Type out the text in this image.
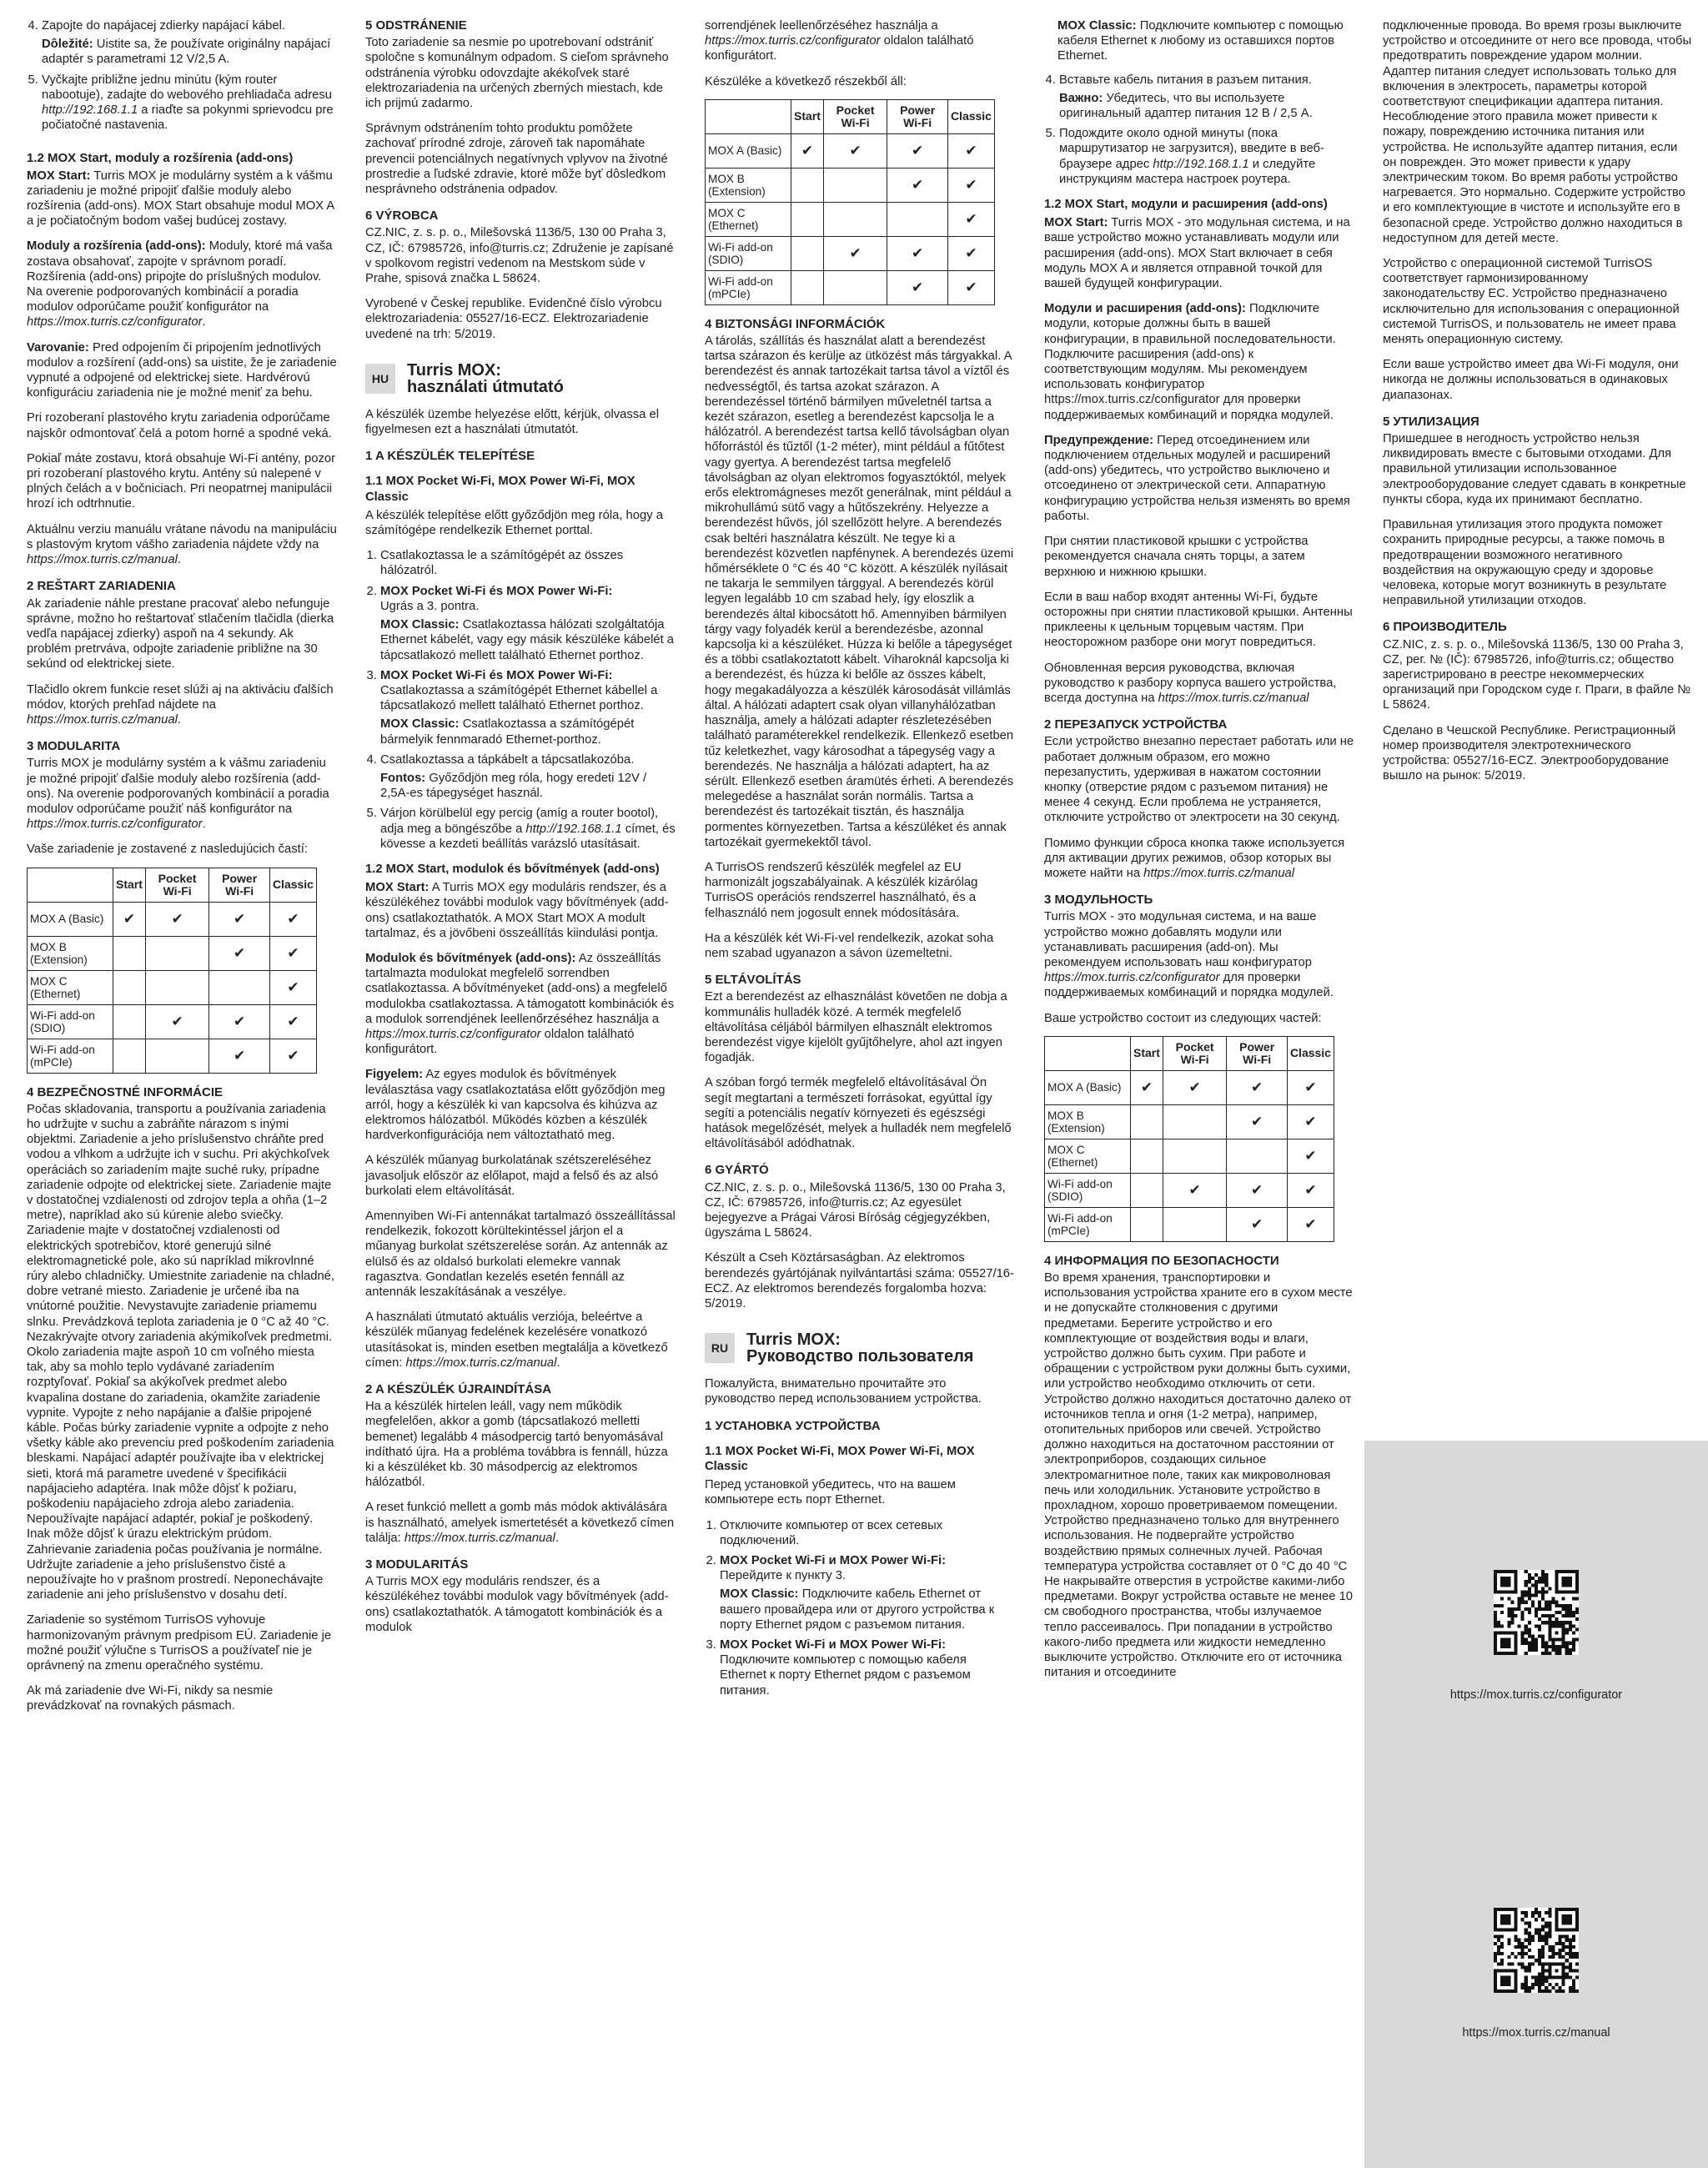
4. Zapojte do napájacej zdierky napájací kábel.
Dôležité: Uistite sa, že používate originálny napájací adaptér s parametrami 12 V/2,5 A.
5. Vyčkajte približne jednu minútu (kým router nabootuje), zadajte do webového prehliadača adresu http://192.168.1.1 a riaďte sa pokynmi sprievodcu pre počiatočné nastavenia.
1.2 MOX Start, moduly a rozšírenia (add-ons)

MOX Start: Turris MOX je modulárny systém a k vášmu zariadeniu je možné pripojiť ďalšie moduly alebo rozšírenia (add-ons). MOX Start obsahuje modul MOX A a je počiatočným bodom vašej budúcej zostavy.

Moduly a rozšírenia (add-ons): Moduly, ktoré má vaša zostava obsahovať, zapojte v správnom poradí. Rozšírenia (add-ons) pripojte do príslušných modulov. Na overenie podporovaných kombinácií a poradia modulov odporúčame použiť konfigurátor na https://mox.turris.cz/configurator.

Varovanie: Pred odpojením či pripojením jednotlivých modulov a rozšírení (add-ons) sa uistite, že je zariadenie vypnuté a odpojené od elektrickej siete. Hardvérovú konfiguráciu zariadenia nie je možné meniť za behu.

Pri rozoberaní plastového krytu zariadenia odporúčame najskôr odmontovať čelá a potom horné a spodné veká.

Pokiaľ máte zostavu, ktorá obsahuje Wi-Fi antény, pozor pri rozoberaní plastového krytu. Antény sú nalepené v plných čelách a v bočniciach. Pri neopatrnej manipulácii hrozí ich odtrhnutie.

Aktuálnu verziu manuálu vrátane návodu na manipuláciu s plastovým krytom vášho zariadenia nájdete vždy na https://mox.turris.cz/manual.

2 REŠTART ZARIADENIA

Ak zariadenie náhle prestane pracovať alebo nefunguje správne, možno ho reštartovať stlačením tlačidla (dierka vedľa napájacej zdierky) aspoň na 4 sekundy. Ak problém pretrváva, odpojte zariadenie približne na 30 sekúnd od elektrickej siete.

Tlačidlo okrem funkcie reset slúži aj na aktiváciu ďalších módov, ktorých prehľad nájdete na https://mox.turris.cz/manual.

3 MODULARITA

Turris MOX je modulárny systém a k vášmu zariadeniu je možné pripojiť ďalšie moduly alebo rozšírenia (add-ons). Na overenie podporovaných kombinácií a poradia modulov odporúčame použiť náš konfigurátor na https://mox.turris.cz/configurator.

Vaše zariadenie je zostavené z nasledujúcich častí:

	Start	Pocket Wi-Fi	Power Wi-Fi	Classic
MOX A (Basic)	✔	✔	✔	✔
MOX B (Extension)			✔	✔
MOX C (Ethernet)				✔
Wi-Fi add-on (SDIO)		✔	✔	✔
Wi-Fi add-on (mPCIe)			✔	✔
4 BEZPEČNOSTNÉ INFORMÁCIE

Počas skladovania, transportu a používania zariadenia ho udržujte v suchu a zabráňte nárazom s inými objektmi. Zariadenie a jeho príslušenstvo chráňte pred vodou a vlhkom a udržujte ich v suchu. Pri akýchkoľvek operáciách so zariadením majte suché ruky, prípadne zariadenie odpojte od elektrickej siete. Zariadenie majte v dostatočnej vzdialenosti od zdrojov tepla a ohňa (1–2 metre), napríklad ako sú kúrenie alebo sviečky. Zariadenie majte v dostatočnej vzdialenosti od elektrických spotrebičov, ktoré generujú silné elektromagnetické pole, ako sú napríklad mikrovlnné rúry alebo chladničky. Umiestnite zariadenie na chladné, dobre vetrané miesto. Zariadenie je určené iba na vnútorné použitie. Nevystavujte zariadenie priamemu slnku. Prevádzková teplota zariadenia je 0 °C až 40 °C. Nezakrývajte otvory zariadenia akýmikoľvek predmetmi. Okolo zariadenia majte aspoň 10 cm voľného miesta tak, aby sa mohlo teplo vydávané zariadením rozptyľovať. Pokiaľ sa akýkoľvek predmet alebo kvapalina dostane do zariadenia, okamžite zariadenie vypnite. Vypojte z neho napájanie a ďalšie pripojené káble. Počas búrky zariadenie vypnite a odpojte z neho všetky káble ako prevenciu pred poškodením zariadenia bleskami. Napájací adaptér používajte iba v elektrickej sieti, ktorá má parametre uvedené v špecifikácii napájacieho adaptéra. Inak môže dôjsť k požiaru, poškodeniu napájacieho zdroja alebo zariadenia. Nepoužívajte napájací adaptér, pokiaľ je poškodený. Inak môže dôjsť k úrazu elektrickým prúdom. Zahrievanie zariadenia počas používania je normálne. Udržujte zariadenie a jeho príslušenstvo čisté a nepoužívajte ho v prašnom prostredí. Neponechávajte zariadenie ani jeho príslušenstvo v dosahu detí.

Zariadenie so systémom TurrisOS vyhovuje harmonizovaným právnym predpisom EÚ. Zariadenie je možné použiť výlučne s TurrisOS a používateľ nie je oprávnený na zmenu operačného systému.

Ak má zariadenie dve Wi-Fi, nikdy sa nesmie prevádzkovať na rovnakých pásmach.

5 ODSTRÁNENIE

Toto zariadenie sa nesmie po upotrebovaní odstrániť spoločne s komunálnym odpadom. S cieľom správneho odstránenia výrobku odovzdajte akékoľvek staré elektrozariadenia na určených zberných miestach, kde ich prijmú zadarmo.

Správnym odstránením tohto produktu pomôžete zachovať prírodné zdroje, zároveň tak napomáhate prevencii potenciálnych negatívnych vplyvov na životné prostredie a ľudské zdravie, ktoré môže byť dôsledkom nesprávneho odstránenia odpadov.

6 VÝROBCA

CZ.NIC, z. s. p. o., Milešovská 1136/5, 130 00 Praha 3, CZ, IČ: 67985726, info@turris.cz; Združenie je zapísané v spolkovom registri vedenom na Mestskom súde v Prahe, spisová značka L 58624.

Vyrobené v Českej republike. Evidenčné číslo výrobcu elektrozariadenia: 05527/16-ECZ. Elektrozariadenie uvedené na trh: 5/2019.

HU	Turris MOX:
használati útmutató

A készülék üzembe helyezése előtt, kérjük, olvassa el figyelmesen ezt a használati útmutatót.

1 A KÉSZÜLÉK TELEPÍTÉSE
1.1 MOX Pocket Wi-Fi, MOX Power Wi-Fi, MOX Classic

A készülék telepítése előtt győződjön meg róla, hogy a számítógépe rendelkezik Ethernet porttal.

1. Csatlakoztassa le a számítógépét az összes hálózatról.
2. MOX Pocket Wi-Fi és MOX Power Wi-Fi:
Ugrás a 3. pontra.
MOX Classic: Csatlakoztassa hálózati szolgáltatója Ethernet kábelét, vagy egy másik készüléke kábelét a tápcsatlakozó mellett található Ethernet porthoz.
3. MOX Pocket Wi-Fi és MOX Power Wi-Fi:
Csatlakoztassa a számítógépét Ethernet kábellel a tápcsatlakozó mellett található Ethernet porthoz.
MOX Classic: Csatlakoztassa a számítógépét bármelyik fennmaradó Ethernet-porthoz.
4. Csatlakoztassa a tápkábelt a tápcsatlakozóba.
Fontos: Győződjön meg róla, hogy eredeti 12V / 2,5A-es tápegységet használ.
5. Várjon körülbelül egy percig (amíg a router bootol), adja meg a böngészőbe a http://192.168.1.1 címet, és kövesse a kezdeti beállítás varázsló utasításait.
1.2 MOX Start, modulok és bővítmények (add-ons)

MOX Start: A Turris MOX egy moduláris rendszer, és a készülékéhez további modulok vagy bővítmények (add-ons) csatlakoztathatók. A MOX Start MOX A modult tartalmaz, és a jövőbeni összeállítás kiindulási pontja.

Modulok és bővítmények (add-ons): Az összeállítás tartalmazta modulokat megfelelő sorrendben csatlakoztassa. A bővítményeket (add-ons) a megfelelő modulokba csatlakoztassa. A támogatott kombinációk és a modulok sorrendjének leellenőrzéséhez használja a https://mox.turris.cz/configurator oldalon található konfigurátort.

Figyelem: Az egyes modulok és bővítmények leválasztása vagy csatlakoztatása előtt győződjön meg arról, hogy a készülék ki van kapcsolva és kihúzva az elektromos hálózatból. Működés közben a készülék hardverkonfigurációja nem változtatható meg.

A készülék műanyag burkolatának szétszereléséhez javasoljuk először az előlapot, majd a felső és az alsó burkolati elem eltávolítását.

Amennyiben Wi-Fi antennákat tartalmazó összeállítással rendelkezik, fokozott körültekintéssel járjon el a műanyag burkolat szétszerelése során. Az antennák az elülső és az oldalsó burkolati elemekre vannak ragasztva. Gondatlan kezelés esetén fennáll az antennák leszakításának a veszélye.

A használati útmutató aktuális verziója, beleértve a készülék műanyag fedelének kezelésére vonatkozó utasításokat is, minden esetben megtalálja a következő címen: https://mox.turris.cz/manual.

2 A KÉSZÜLÉK ÚJRAINDÍTÁSA

Ha a készülék hirtelen leáll, vagy nem működik megfelelően, akkor a gomb (tápcsatlakozó melletti bemenet) legalább 4 másodpercig tartó benyomásával indítható újra. Ha a probléma továbbra is fennáll, húzza ki a készüléket kb. 30 másodpercig az elektromos hálózatból.

A reset funkció mellett a gomb más módok aktiválására is használható, amelyek ismertetését a következő címen találja: https://mox.turris.cz/manual.

3 MODULARITÁS

A Turris MOX egy moduláris rendszer, és a készülékéhez további modulok vagy bővítmények (add-ons) csatlakoztathatók. A támogatott kombinációk és a modulok

sorrendjének leellenőrzéséhez használja a https://mox.turris.cz/configurator oldalon található konfigurátort.

Készüléke a következő részekből áll:

	Start	Pocket Wi-Fi	Power Wi-Fi	Classic
MOX A (Basic)	✔	✔	✔	✔
MOX B (Extension)			✔	✔
MOX C (Ethernet)				✔
Wi-Fi add-on (SDIO)		✔	✔	✔
Wi-Fi add-on (mPCIe)			✔	✔
4 BIZTONSÁGI INFORMÁCIÓK

A tárolás, szállítás és használat alatt a berendezést tartsa szárazon és kerülje az ütközést más tárgyakkal. A berendezést és annak tartozékait tartsa távol a víztől és nedvességtől, és tartsa azokat szárazon. A berendezéssel történő bármilyen műveletnél tartsa a kezét szárazon, esetleg a berendezést kapcsolja le a hálózatról. A berendezést tartsa kellő távolságban olyan hőforrástól és tűztől (1-2 méter), mint például a fűtőtest vagy gyertya. A berendezést tartsa megfelelő távolságban az olyan elektromos fogyasztóktól, melyek erős elektromágneses mezőt generálnak, mint például a mikrohullámú sütő vagy a hűtőszekrény. Helyezze a berendezést hűvös, jól szellőzött helyre. A berendezés csak beltéri használatra készült. Ne tegye ki a berendezést közvetlen napfénynek. A berendezés üzemi hőmérséklete 0 °C és 40 °C között. A készülék nyílásait ne takarja le semmilyen tárggyal. A berendezés körül legyen legalább 10 cm szabad hely, így eloszlik a berendezés által kibocsátott hő. Amennyiben bármilyen tárgy vagy folyadék kerül a berendezésbe, azonnal kapcsolja ki a készüléket. Húzza ki belőle a tápegységet és a többi csatlakoztatott kábelt. Viharoknál kapcsolja ki a berendezést, és húzza ki belőle az összes kábelt, hogy megakadályozza a készülék károsodását villámlás által. A hálózati adaptert csak olyan villanyhálózatban használja, amely a hálózati adapter részletezésében található paraméterekkel rendelkezik. Ellenkező esetben tűz keletkezhet, vagy károsodhat a tápegység vagy a berendezés. Ne használja a hálózati adaptert, ha az sérült. Ellenkező esetben áramütés érheti. A berendezés melegedése a használat során normális. Tartsa a berendezést és tartozékait tisztán, és használja pormentes környezetben. Tartsa a készüléket és annak tartozékait gyermekektől távol.

A TurrisOS rendszerű készülék megfelel az EU harmonizált jogszabályainak. A készülék kizárólag TurrisOS operációs rendszerrel használható, és a felhasználó nem jogosult ennek módosítására.

Ha a készülék két Wi-Fi-vel rendelkezik, azokat soha nem szabad ugyanazon a sávon üzemeltetni.

5 ELTÁVOLÍTÁS

Ezt a berendezést az elhasználást követően ne dobja a kommunális hulladék közé. A termék megfelelő eltávolítása céljából bármilyen elhasznált elektromos berendezést vigye kijelölt gyűjtőhelyre, ahol azt ingyen fogadják.

A szóban forgó termék megfelelő eltávolításával Ön segít megtartani a természeti forrásokat, egyúttal így segíti a potenciális negatív környezeti és egészségi hatások megelőzését, melyek a hulladék nem megfelelő eltávolításából adódhatnak.

6 GYÁRTÓ

CZ.NIC, z. s. p. o., Milešovská 1136/5, 130 00 Praha 3, CZ, IČ: 67985726, info@turris.cz; Az egyesület bejegyezve a Prágai Városi Bíróság cégjegyzékben, ügyszáma L 58624.

Készült a Cseh Köztársaságban. Az elektromos berendezés gyártójának nyilvántartási száma: 05527/16-ECZ. Az elektromos berendezés forgalomba hozva: 5/2019.

RU	Turris MOX:
Руководство пользователя

Пожалуйста, внимательно прочитайте это руководство перед использованием устройства.

1 УСТАНОВКА УСТРОЙСТВА
1.1 MOX Pocket Wi-Fi, MOX Power Wi-Fi, MOX Classic

Перед установкой убедитесь, что на вашем компьютере есть порт Ethernet.

1. Отключите компьютер от всех сетевых подключений.
2. MOX Pocket Wi-Fi и MOX Power Wi-Fi:
Перейдите к пункту 3.
MOX Classic: Подключите кабель Ethernet от вашего провайдера или от другого устройства к порту Ethernet рядом с разъемом питания.
3. MOX Pocket Wi-Fi и MOX Power Wi-Fi:
Подключите компьютер с помощью кабеля Ethernet к порту Ethernet рядом с разъемом питания.
MOX Classic: Подключите компьютер с помощью кабеля Ethernet к любому из оставшихся портов Ethernet.
4. Вставьте кабель питания в разъем питания.
Важно: Убедитесь, что вы используете оригинальный адаптер питания 12 В / 2,5 А.
5. Подождите около одной минуты (пока маршрутизатор не загрузится), введите в веб-браузере адрес http://192.168.1.1 и следуйте инструкциям мастера настроек роутера.
1.2 MOX Start, модули и расширения (add-ons)

MOX Start: Turris MOX - это модульная система, и на ваше устройство можно устанавливать модули или расширения (add-ons). MOX Start включает в себя модуль MOX A и является отправной точкой для вашей будущей конфигурации.

Модули и расширения (add-ons): Подключите модули, которые должны быть в вашей конфигурации, в правильной последовательности. Подключите расширения (add-ons) к соответствующим модулям. Мы рекомендуем использовать конфигуратор https://mox.turris.cz/configurator для проверки поддерживаемых комбинаций и порядка модулей.

Предупреждение: Перед отсоединением или подключением отдельных модулей и расширений (add-ons) убедитесь, что устройство выключено и отсоединено от электрической сети. Аппаратную конфигурацию устройства нельзя изменять во время работы.

При снятии пластиковой крышки с устройства рекомендуется сначала снять торцы, а затем верхнюю и нижнюю крышки.

Если в ваш набор входят антенны Wi-Fi, будьте осторожны при снятии пластиковой крышки. Антенны приклеены к цельным торцевым частям. При неосторожном разборе они могут повредиться.

Обновленная версия руководства, включая руководство к разбору корпуса вашего устройства, всегда доступна на https://mox.turris.cz/manual

2 ПЕРЕЗАПУСК УСТРОЙСТВА

Если устройство внезапно перестает работать или не работает должным образом, его можно перезапустить, удерживая в нажатом состоянии кнопку (отверстие рядом с разъемом питания) не менее 4 секунд. Если проблема не устраняется, отключите устройство от электросети на 30 секунд.

Помимо функции сброса кнопка также используется для активации других режимов, обзор которых вы можете найти на https://mox.turris.cz/manual

3 МОДУЛЬНОСТЬ

Turris MOX - это модульная система, и на ваше устройство можно добавлять модули или устанавливать расширения (add-on). Мы рекомендуем использовать наш конфигуратор https://mox.turris.cz/configurator для проверки поддерживаемых комбинаций и порядка модулей.

Ваше устройство состоит из следующих частей:

	Start	Pocket Wi-Fi	Power Wi-Fi	Classic
MOX A (Basic)	✔	✔	✔	✔
MOX B (Extension)			✔	✔
MOX C (Ethernet)				✔
Wi-Fi add-on (SDIO)		✔	✔	✔
Wi-Fi add-on (mPCIe)			✔	✔
4 ИНФОРМАЦИЯ ПО БЕЗОПАСНОСТИ

Во время хранения, транспортировки и использования устройства храните его в сухом месте и не допускайте столкновения с другими предметами. Берегите устройство и его комплектующие от воздействия воды и влаги, устройство должно быть сухим. При работе и обращении с устройством руки должны быть сухими, или устройство необходимо отключить от сети. Устройство должно находиться достаточно далеко от источников тепла и огня (1-2 метра), например, отопительных приборов или свечей. Устройство должно находиться на достаточном расстоянии от электроприборов, создающих сильное электромагнитное поле, таких как микроволновая печь или холодильник. Установите устройство в прохладном, хорошо проветриваемом помещении. Устройство предназначено только для внутреннего использования. Не подвергайте устройство воздействию прямых солнечных лучей. Рабочая температура устройства составляет от 0 °C до 40 °C Не накрывайте отверстия в устройстве какими-либо предметами. Вокруг устройства оставьте не менее 10 см свободного пространства, чтобы излучаемое тепло рассеивалось. При попадании в устройство какого-либо предмета или жидкости немедленно выключите устройство. Отключите его от источника питания и отсоедините

подключенные провода. Во время грозы выключите устройство и отсоедините от него все провода, чтобы предотвратить повреждение ударом молнии. Адаптер питания следует использовать только для включения в электросеть, параметры которой соответствуют спецификации адаптера питания. Несоблюдение этого правила может привести к пожару, повреждению источника питания или устройства. Не используйте адаптер питания, если он поврежден. Это может привести к удару электрическим током. Во время работы устройство нагревается. Это нормально. Содержите устройство и его комплектующие в чистоте и используйте его в безопасной среде. Устройство должно находиться в недоступном для детей месте.

Устройство с операционной системой TurrisOS соответствует гармонизированному законодательству ЕС. Устройство предназначено исключительно для использования с операционной системой TurrisOS, и пользователь не имеет права менять операционную систему.

Если ваше устройство имеет два Wi-Fi модуля, они никогда не должны использоваться в одинаковых диапазонах.

5 УТИЛИЗАЦИЯ

Пришедшее в негодность устройство нельзя ликвидировать вместе с бытовыми отходами. Для правильной утилизации использованное электрооборудование следует сдавать в конкретные пункты сбора, куда их принимают бесплатно.

Правильная утилизация этого продукта поможет сохранить природные ресурсы, а также помочь в предотвращении возможного негативного воздействия на окружающую среду и здоровье человека, которые могут возникнуть в результате неправильной утилизации отходов.

6 ПРОИЗВОДИТЕЛЬ

CZ.NIC, z. s. p. o., Milešovská 1136/5, 130 00 Praha 3, CZ, рег. № (IČ): 67985726, info@turris.cz; общество зарегистрировано в реестре некоммерческих организаций при Городском суде г. Праги, в файле № L 58624.

Сделано в Чешской Республике. Регистрационный номер производителя электротехнического устройства: 05527/16-ECZ. Электрооборудование вышло на рынок: 5/2019.

https://mox.turris.cz/configurator
https://mox.turris.cz/manual
